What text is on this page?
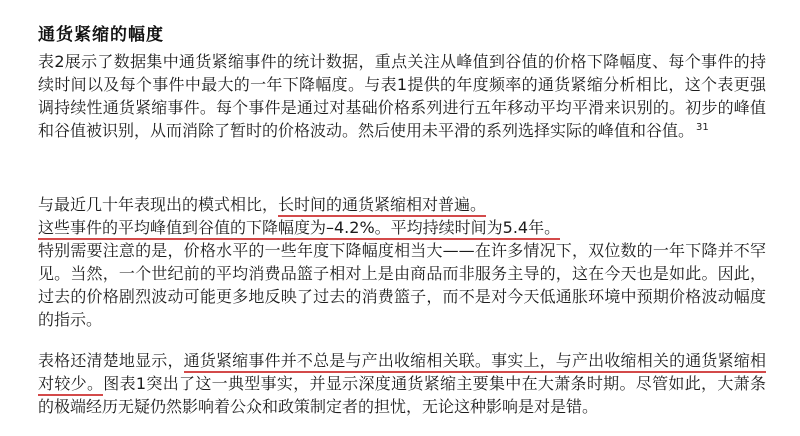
通货紧缩的幅度

表2展示了数据集中通货紧缩事件的统计数据，重点关注从峰值到谷值的价格下降幅度、每个事件的持续时间以及每个事件中最大的一年下降幅度。与表1提供的年度频率的通货紧缩分析相比，这个表更强调持续性通货紧缩事件。每个事件是通过对基础价格系列进行五年移动平均平滑来识别的。初步的峰值和谷值被识别，从而消除了暂时的价格波动。然后使用未平滑的系列选择实际的峰值和谷值。 $^{31}$

与最近几十年表现出的模式相比，长时间的通货紧缩相对普遍。
这些事件的平均峰值到谷值的下降幅度为–4.2%。平均持续时间为5.4年。
特别需要注意的是，价格水平的一些年度下降幅度相当大——在许多情况下，双位数的一年下降并不罕见。当然，一个世纪前的平均消费品篮子相对上是由商品而非服务主导的，这在今天也是如此。因此，过去的价格剧烈波动可能更多地反映了过去的消费篮子，而不是对今天低通胀环境中预期价格波动幅度的指示。

表格还清楚地显示，通货紧缩事件并不总是与产出收缩相关联。事实上，与产出收缩相关的通货紧缩相对较少。图表1突出了这一典型事实，并显示深度通货紧缩主要集中在大萧条时期。尽管如此，大萧条的极端经历无疑仍然影响着公众和政策制定者的担忧，无论这种影响是对是错。
